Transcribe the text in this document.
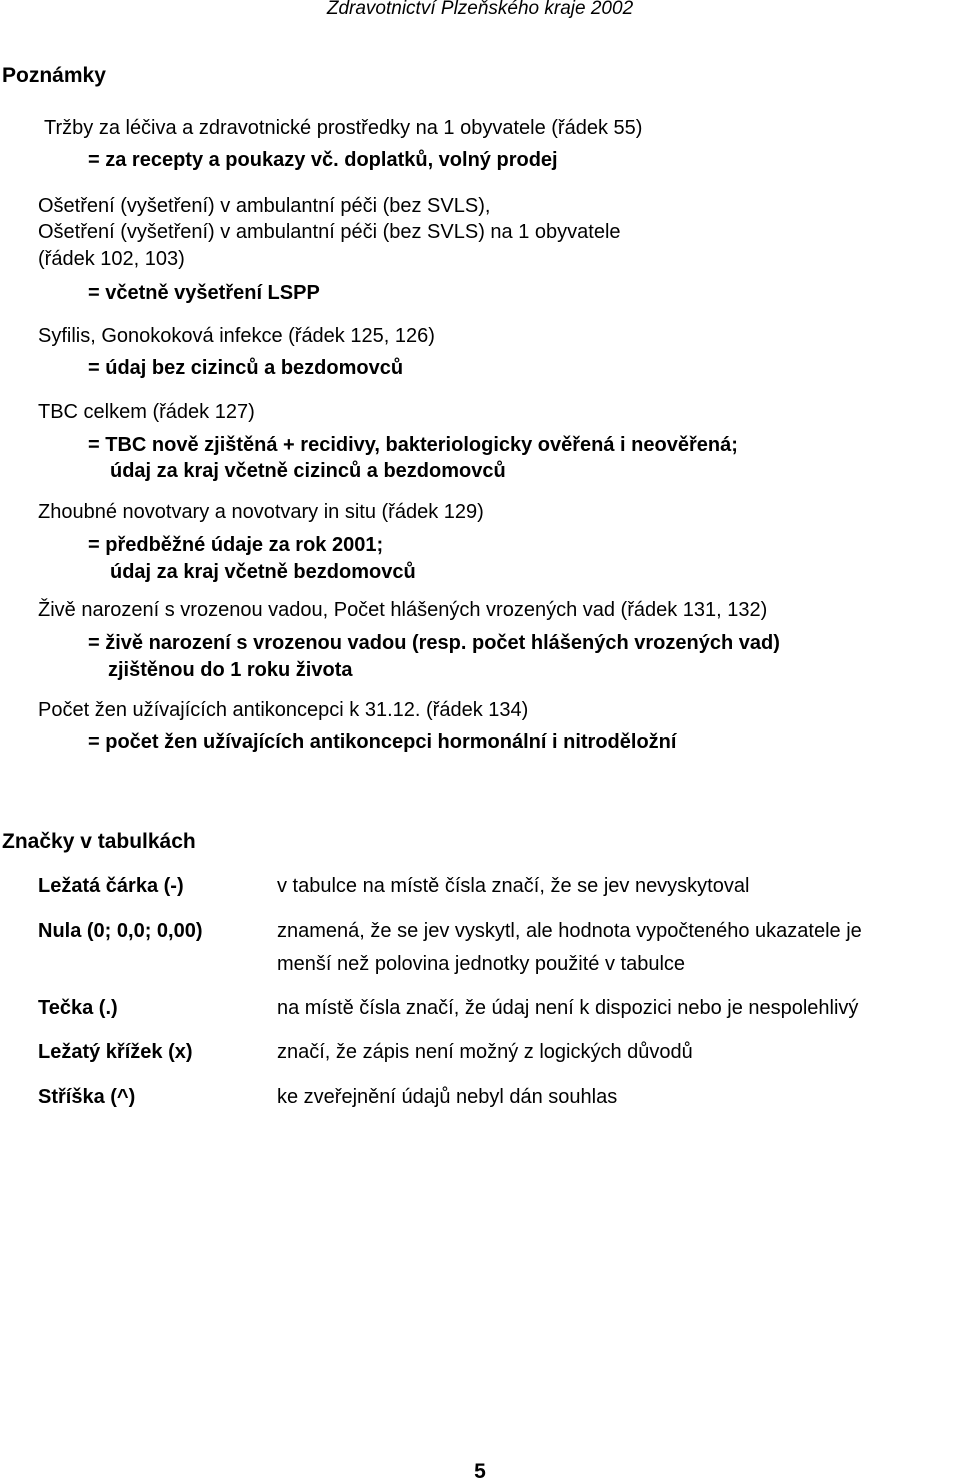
Zdravotnictví Plzeňského kraje 2002
Poznámky
Tržby za léčiva a zdravotnické prostředky na 1 obyvatele (řádek 55)
= za recepty a poukazy vč. doplatků, volný prodej
Ošetření (vyšetření) v ambulantní péči (bez SVLS),
Ošetření (vyšetření) v ambulantní péči (bez SVLS) na 1 obyvatele
(řádek 102, 103)
= včetně vyšetření LSPP
Syfilis, Gonokoková infekce (řádek 125, 126)
= údaj bez cizinců a bezdomovců
TBC celkem (řádek 127)
= TBC nově zjištěná + recidivy, bakteriologicky ověřená i neověřená;
údaj za kraj včetně cizinců a bezdomovců
Zhoubné novotvary a novotvary in situ (řádek 129)
= předběžné údaje za rok 2001;
údaj za kraj včetně bezdomovců
Živě narození s vrozenou vadou, Počet hlášených vrozených vad (řádek 131, 132)
= živě narození s vrozenou vadou (resp. počet hlášených vrozených vad)
zjištěnou do 1 roku života
Počet žen užívajících antikoncepci k 31.12. (řádek 134)
= počet žen užívajících antikoncepci hormonální i nitroděložní
Značky v tabulkách
Ležatá čárka (-)	v tabulce na místě čísla značí, že se jev nevyskytoval
Nula (0; 0,0; 0,00)	znamená, že se jev vyskytl, ale hodnota vypočteného ukazatele je
menší než polovina jednotky použité v tabulce
Tečka (.)	na místě čísla značí, že údaj není k dispozici nebo je nespolehlivý
Ležatý křížek (x)	značí, že zápis není možný z logických důvodů
Stříška (^)	ke zveřejnění údajů nebyl dán souhlas
5
